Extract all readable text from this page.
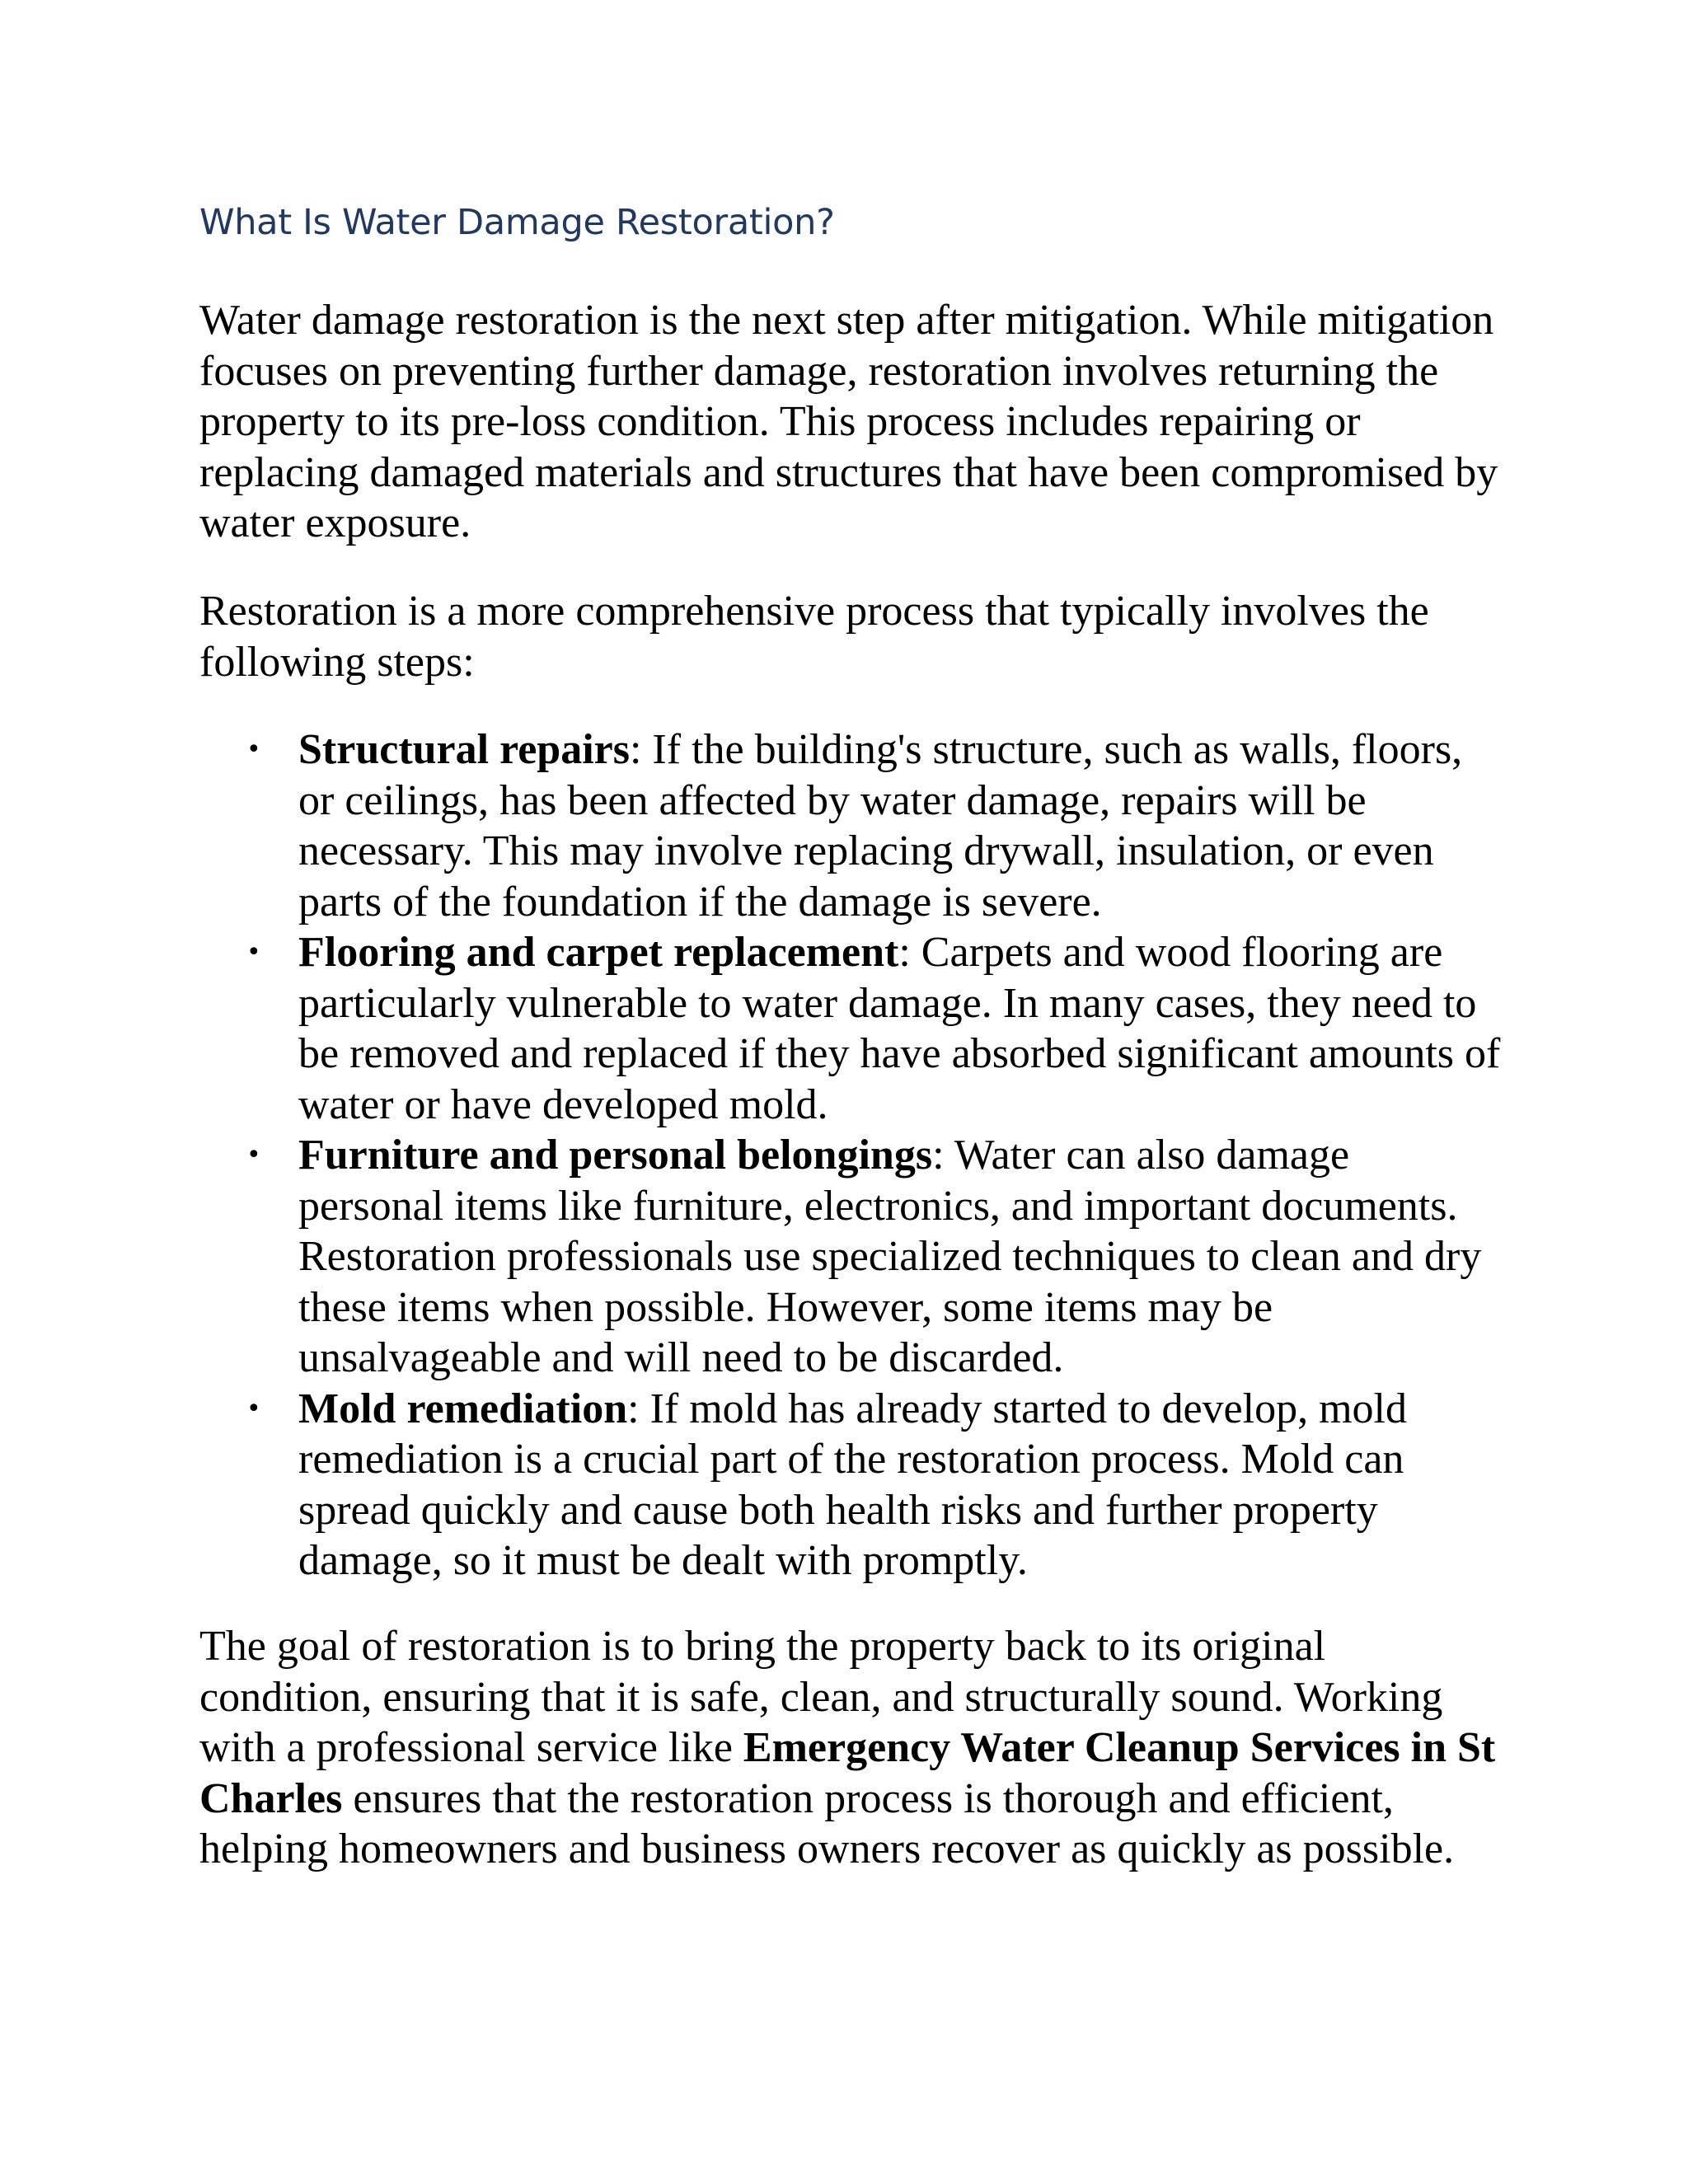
What Is Water Damage Restoration?

Water damage restoration is the next step after mitigation. While mitigation focuses on preventing further damage, restoration involves returning the property to its pre-loss condition. This process includes repairing or replacing damaged materials and structures that have been compromised by water exposure.

Restoration is a more comprehensive process that typically involves the following steps:

• Structural repairs: If the building's structure, such as walls, floors, or ceilings, has been affected by water damage, repairs will be necessary. This may involve replacing drywall, insulation, or even parts of the foundation if the damage is severe.
• Flooring and carpet replacement: Carpets and wood flooring are particularly vulnerable to water damage. In many cases, they need to be removed and replaced if they have absorbed significant amounts of water or have developed mold.
• Furniture and personal belongings: Water can also damage personal items like furniture, electronics, and important documents. Restoration professionals use specialized techniques to clean and dry these items when possible. However, some items may be unsalvageable and will need to be discarded.
• Mold remediation: If mold has already started to develop, mold remediation is a crucial part of the restoration process. Mold can spread quickly and cause both health risks and further property damage, so it must be dealt with promptly.

The goal of restoration is to bring the property back to its original condition, ensuring that it is safe, clean, and structurally sound. Working with a professional service like Emergency Water Cleanup Services in St Charles ensures that the restoration process is thorough and efficient, helping homeowners and business owners recover as quickly as possible.
